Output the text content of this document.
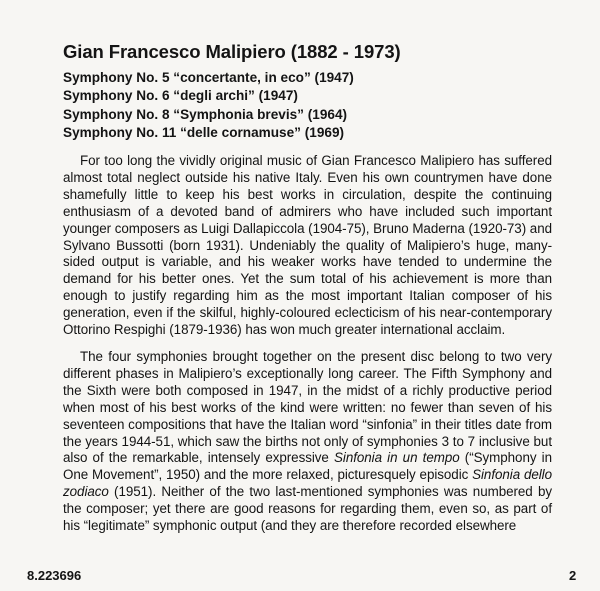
Gian Francesco Malipiero (1882 - 1973)
Symphony No. 5 “concertante, in eco” (1947)
Symphony No. 6 “degli archi” (1947)
Symphony No. 8 “Symphonia brevis” (1964)
Symphony No. 11 “delle cornamuse” (1969)

For too long the vividly original music of Gian Francesco Malipiero has suffered almost total neglect outside his native Italy. Even his own countrymen have done shamefully little to keep his best works in circulation, despite the continuing enthusiasm of a devoted band of admirers who have included such important younger composers as Luigi Dallapiccola (1904-75), Bruno Maderna (1920-73) and Sylvano Bussotti (born 1931). Undeniably the quality of Malipiero’s huge, many-sided output is variable, and his weaker works have tended to undermine the demand for his better ones. Yet the sum total of his achievement is more than enough to justify regarding him as the most important Italian composer of his generation, even if the skilful, highly-coloured eclecticism of his near-contemporary Ottorino Respighi (1879-1936) has won much greater international acclaim.

The four symphonies brought together on the present disc belong to two very different phases in Malipiero’s exceptionally long career. The Fifth Symphony and the Sixth were both composed in 1947, in the midst of a richly productive period when most of his best works of the kind were written: no fewer than seven of his seventeen compositions that have the Italian word “sinfonia” in their titles date from the years 1944-51, which saw the births not only of symphonies 3 to 7 inclusive but also of the remarkable, intensely expressive Sinfonia in un tempo (“Symphony in One Movement”, 1950) and the more relaxed, picturesquely episodic Sinfonia dello zodiaco (1951). Neither of the two last-mentioned symphonies was numbered by the composer; yet there are good reasons for regarding them, even so, as part of his “legitimate” symphonic output (and they are therefore recorded elsewhere

8.223696	2
